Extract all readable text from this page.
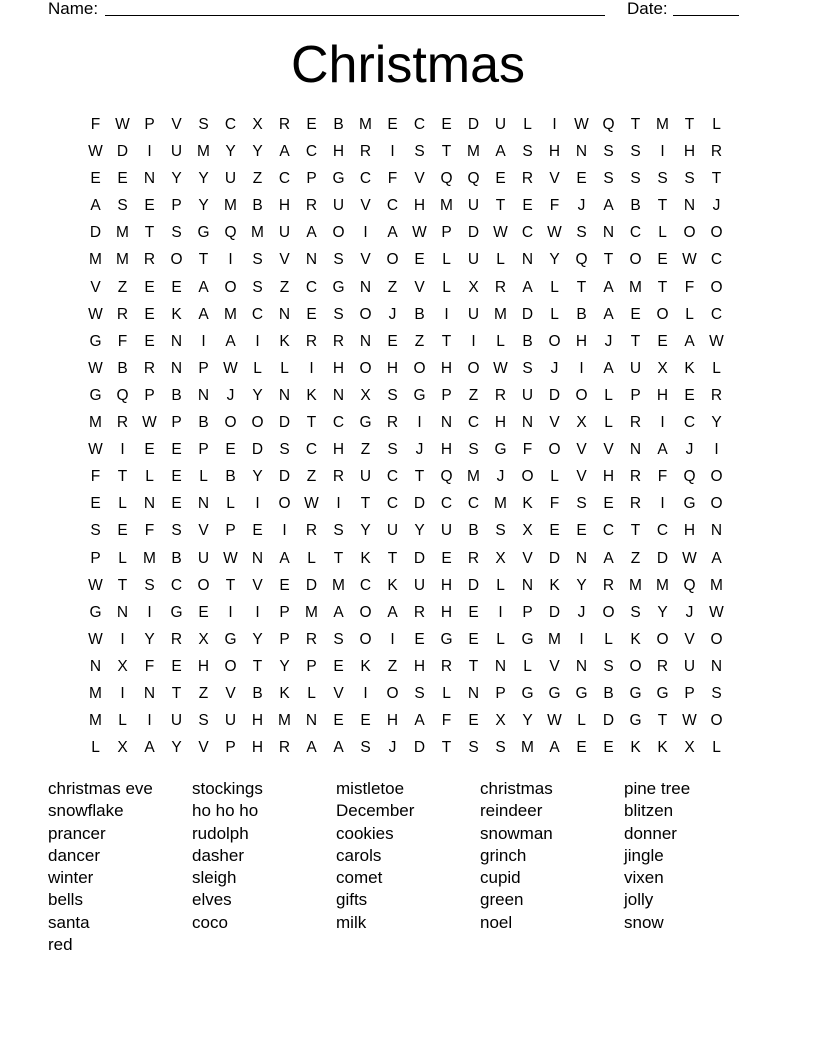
Name:	Date:
Christmas
F W P	V	S	C	X	R	E	B M E	C	E	D	U	L	I	W Q	T	M	T	L
W D	I	U M Y	Y	A	C	H	R	I	S	T	M A	S	H	N	S	S	I	H	R
E	E	N	Y	Y	U	Z	C	P	G C	F	V	Q Q	E	R	V	E	S	S	S	S	T
A	S	E	P	Y M B	H	R	U	V	C	H M U	T	E	F	J	A	B	T	N	J
D M	T	S	G Q M U	A	O	I	A W P	D W C W S	N	C	L	O O
M M R O	T	I	S	V	N	S	V	O	E	L	U	L	N	Y	Q	T	O	E W C
V	Z	E	E	A	O	S	Z	C G N	Z	V	L	X	R	A	L	T	A M	T	F	O
W R	E	K	A M C	N	E	S	O	J	B	I	U M D	L	B	A	E	O	L	C
G	F	E	N	I	A	I	K	R	R	N	E	Z	T	I	L	B	O H	J	T	E	A W
W B	R	N	P W L	L	I	H O H O H O W S	J	I	A	U	X	K	L
G Q	P	B	N	J	Y	N	K	N	X	S	G	P	Z	R	U	D O	L	P	H	E	R
M R W P	B	O O D	T	C G R	I	N	C	H	N	V	X	L	R	I	C	Y
W	I	E	E	P	E	D	S	C	H	Z	S	J	H	S	G	F	O	V	V	N	A	J	I
F	T	L	E	L	B	Y	D	Z	R	U	C	T	Q M	J	O	L	V	H	R	F	Q O
E	L	N	E	N	L	I	O W	I	T	C	D	C	C M K	F	S	E	R	I	G O
S	E	F	S	V	P	E	I	R	S	Y	U	Y	U	B	S	X	E	E	C	T	C	H	N
P	L	M B	U W N	A	L	T	K	T	D	E	R	X	V	D	N	A	Z	D W A
W T	S	C O	T	V	E	D M C	K	U	H	D	L	N	K	Y	R M M Q M
G N	I	G	E	I	I	P M A	O	A	R	H	E	I	P	D	J	O	S	Y	J	W
W	I	Y	R	X	G	Y	P	R	S	O	I	E	G	E	L	G M	I	L	K	O	V	O
N	X	F	E	H O	T	Y	P	E	K	Z	H	R	T	N	L	V	N	S	O R	U	N
M	I	N	T	Z	V	B	K	L	V	I	O	S	L	N	P	G G G	B	G G	P	S
M	L	I	U	S	U	H M N	E	E	H	A	F	E	X	Y W L	D G	T W O
L	X	A	Y	V	P	H	R	A	A	S	J	D	T	S	S M A	E	E	K	K	X	L
christmas eve	stockings	mistletoe	christmas	pine tree
snowflake	ho ho ho	December	reindeer	blitzen
prancer	rudolph	cookies	snowman	donner
dancer	dasher	carols	grinch	jingle
winter	sleigh	comet	cupid	vixen
bells	elves	gifts	green	jolly
santa	coco	milk	noel	snow
red
